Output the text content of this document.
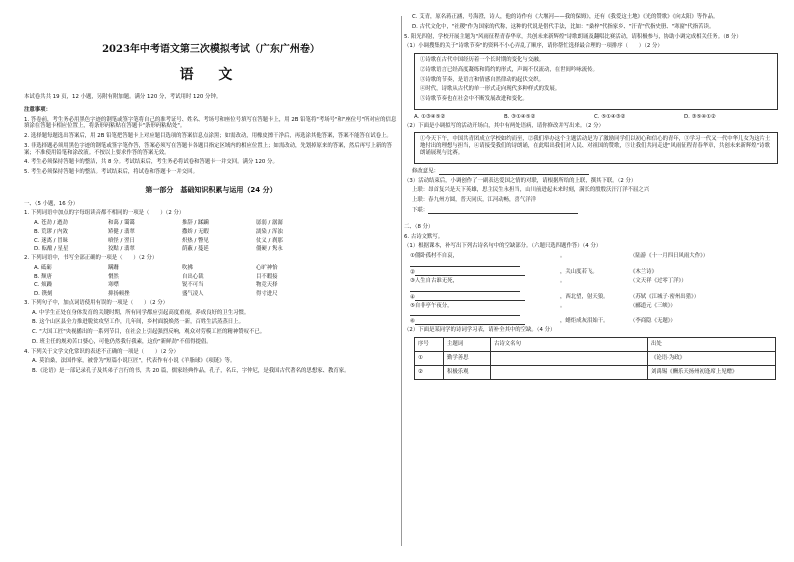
2023年中考语文第三次模拟考试（广东广州卷）
语 文
本试卷共共 19 页，12 小题，另附有附加题。满分 120 分，考试用时 120 分钟。
注意事项：
1. 答卷前，考生务必用黑色字迹的钢笔或签字笔将自己的准考证号、姓名、考场号和座位号填写在答题卡上，用 2B 铅笔将"考场号"和"座位号"所对应的信息填涂在答题卡相应位置上，将条形码粘贴在答题卡"条形码粘贴处"。
2. 选择题每题选出答案后，用 2B 铅笔把答题卡上对应题目选项的答案信息点涂黑；如需改动，用橡皮擦干净后，再选涂其他答案，答案不能答在试卷上。
3. 非选择题必须用黑色字迹的钢笔或签字笔作答，答案必须写在答题卡各题目指定区域内的相应位置上；如需改动，先划掉原来的答案，然后再写上新的答案；不准使用铅笔和涂改液。不按以上要求作答的答案无效。
4. 考生必须保持答题卡的整洁，共 8 分。考试结束后，考生务必将试卷和答题卡一并交回。满分 120 分。
5. 考生必须保持答题卡的整洁。考试结束后，将试卷和答题卡一并交回。
第一部分　基础知识积累与运用（24 分）
一、（5 小题，16 分）
1. 下列词语中加点的字每组读音都不相同的一项是（　　）（2 分）
A. 苍劲 / 遒劲	和蔼 / 霭霭	推辞 / 蹂躏	孱弱 / 潺潺
B. 荒谬 / 内敛	矫健 / 翡翠	撒娇 / 无暇	濡染 / 浑浊
C. 迷离 / 冒昧	嗔怪 / 翌日	炽热 / 瞥见	仗义 / 刹那
D. 酝酿 / 星星	狡黠 / 翡翠	荫蔽 / 蔓延	僵硬 / 隽永
2. 下列词语中，书写全部正确的一项是（　　）（2 分）
A. 砥砺	蹒跚	吹拂	心旷神怡
B. 颓唐	惘然	自出心裁	目不暇接
C. 烦躁	寒噤	锐不可当	物竞天择
D. 镌刻	抑扬顿挫	盛气凌人	得寸进尺
3. 下列句子中，加点词语使用有误的一项是（　　）（2 分）
A. 中学生正处在身体发育的关键时期，所有同学都应引起高度重视，养成良好的卫生习惯。
B. 这个山区县全力推进脱贫攻坚工作，几年间，乡村面貌焕然一新，百姓生活蒸蒸日上。
C. "大国工匠"央视播出的一系列节目，在社会上引起强烈反响，观众对劳模工匠的精神赞叹不已。
D. 班主任的规劝苦口婆心，可他仍然我行我素，这份"新鲜劲"不值得提倡。
4. 下列关于文学文化常识的表述不正确的一项是（　　）（2 分）
A. 莫泊桑，法国作家，被誉为"短篇小说巨匠"，代表作有小说《羊脂球》《项链》等。
B.《论语》是一部记录孔子及其弟子言行的书，共 20 篇，儒家经典作品，孔子，名丘，字仲尼，是我国古代著名的思想家、教育家。
C. 艾青，原名蒋正涵，号海澄，诗人，他的诗作有《大堰河——我的保姆》，还有《我爱这土地》《光的赞歌》《向太阳》等作品。
D. 古代文化中，"社稷"作为国家的代称，这种的代说是借代手法，比如："桑梓"代指家乡、"汗青"代指史册、"寒窗"代指苦读。
5. 阳光四射，学校开展主题为"风雨征程青春华章，共创未来新辉煌"诗歌朗诵及翻唱比赛活动，请积极参与，协助小调完成相关任务。（8 分）
（1）小调搜集的关于"诗歌节奏"的资料不小心弄乱了顺序，请你帮忙选择最合理的一项排序（　　）（2 分）
①诗歌在古代中国经历着一个长时期的变化与交融。
②诗歌语言已经高度凝练和简约的形式，声调不仅流动，在世间吟咏流传。
③诗歌的节奏，是语言和情感自然律动的起伏交织。
④时代，诗歌从古代的单一形式走向现代多种样式的发展。
⑤诗歌节奏也在社会中不断发展改进和变化。
A. ①③④⑤②	B. ③①④⑤②	C. ⑤①④③②	D. ③⑤④①②
（2）下面是小调拟写的活动开场白，其中有两处语病，请你修改并写出来。（2 分）
①今天下午，中国共青团成立学校如约而至，②我们举办这个主题活动是为了激励同学们以初心和信心的青年，③学习一代又一代中华儿女为这片土地付出的理想与担当，④请接受我们的诗朗诵，在此唱出我们对人民、对祖国的赞歌，⑤让我们共同走进"风雨征程青春华章，共创未来新辉煌"诗歌朗诵展现与比赛。
修改意见：
（3）活动结束后，小调创作了一副表达爱国之情的对联，请根据所给的上联，撰其下联。（2 分）
上联：昂首复兴是天下英雄，思主民生永担当，山川前进起未来时刻，满长的殷殷沃汗汀洋不屈之兴
上联：春九州方圆，普天同庆，江河动畅，喜气洋洋
下联：
二、（8 分）
6. 古诗文默写。
（1）根据课本，补写出下列古诗名句中的空缺部分。（六题只选四题作答）（4 分）
①僵卧孤村不自哀，	。	（陆游《十一月四日风雨大作》）
②	，关山度若飞。	《木兰诗》
③人生自古谁无死，	。	（文天祥《过零丁洋》）
④	，西北望，射天狼。	（苏轼《江城子·密州出猎》）
⑤自非亭午夜分，	。	（郦道元《三峡》）
⑥	，蜡炬成灰泪始干。	（李商隐《无题》）
（2）下面是某同学的诗词学习表，请补全其中的空缺。（4 分）
序号	主题词	古诗文名句	出处
①	勤学善思		《论语·为政》
②	积极乐观		刘禹锡《酬乐天扬州初逢席上见赠》
